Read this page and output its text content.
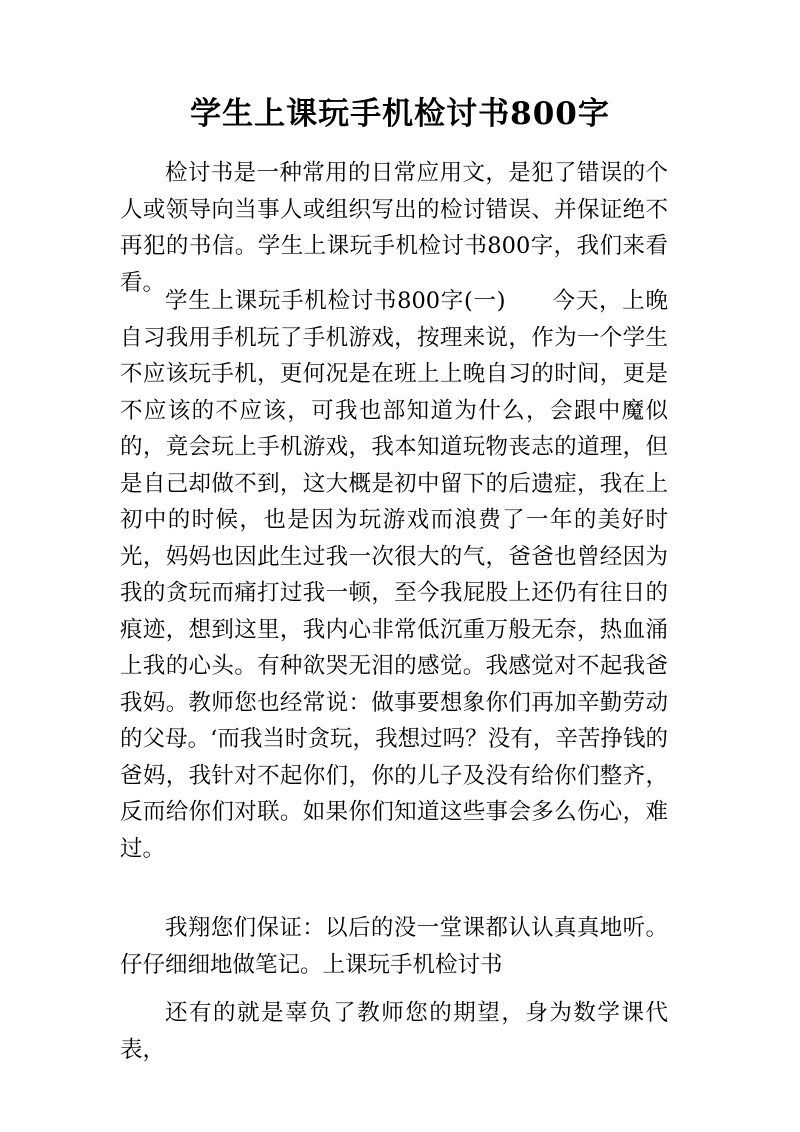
学生上课玩手机检讨书800字

检讨书是一种常用的日常应用文，是犯了错误的个人或领导向当事人或组织写出的检讨错误、并保证绝不再犯的书信。学生上课玩手机检讨书800字，我们来看看。

学生上课玩手机检讨书800字(一)　　今天，上晚自习我用手机玩了手机游戏，按理来说，作为一个学生不应该玩手机，更何况是在班上上晚自习的时间，更是不应该的不应该，可我也部知道为什么，会跟中魔似的，竟会玩上手机游戏，我本知道玩物丧志的道理，但是自己却做不到，这大概是初中留下的后遗症，我在上初中的时候，也是因为玩游戏而浪费了一年的美好时光，妈妈也因此生过我一次很大的气，爸爸也曾经因为我的贪玩而痛打过我一顿，至今我屁股上还仍有往日的痕迹，想到这里，我内心非常低沉重万般无奈，热血涌上我的心头。有种欲哭无泪的感觉。我感觉对不起我爸我妈。教师您也经常说：做事要想象你们再加辛勤劳动的父母。‘而我当时贪玩，我想过吗？没有，辛苦挣钱的爸妈，我针对不起你们，你的儿子及没有给你们整齐，反而给你们对联。如果你们知道这些事会多么伤心，难过。

我翔您们保证：以后的没一堂课都认认真真地听。仔仔细细地做笔记。上课玩手机检讨书

还有的就是辜负了教师您的期望，身为数学课代表，
